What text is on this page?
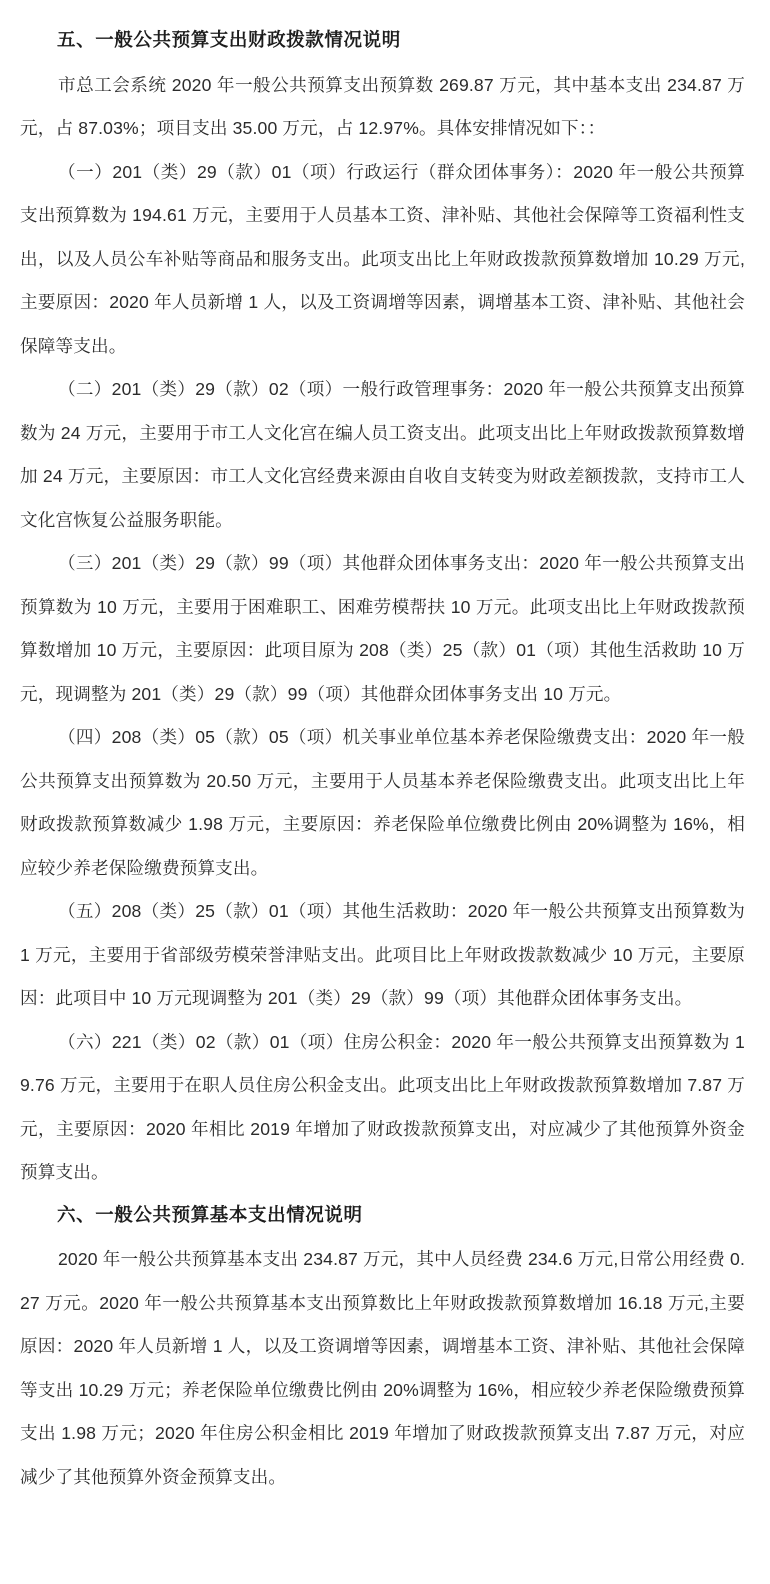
五、一般公共预算支出财政拨款情况说明

市总工会系统 2020 年一般公共预算支出预算数 269.87 万元，其中基本支出 234.87 万元，占 87.03%；项目支出 35.00 万元，占 12.97%。具体安排情况如下：：

（一）201（类）29（款）01（项）行政运行（群众团体事务）：2020 年一般公共预算支出预算数为 194.61 万元，主要用于人员基本工资、津补贴、其他社会保障等工资福利性支出，以及人员公车补贴等商品和服务支出。此项支出比上年财政拨款预算数增加 10.29 万元,主要原因：2020 年人员新增 1 人，以及工资调增等因素，调增基本工资、津补贴、其他社会保障等支出。

（二）201（类）29（款）02（项）一般行政管理事务：2020 年一般公共预算支出预算数为 24 万元，主要用于市工人文化宫在编人员工资支出。此项支出比上年财政拨款预算数增加 24 万元，主要原因：市工人文化宫经费来源由自收自支转变为财政差额拨款，支持市工人文化宫恢复公益服务职能。

（三）201（类）29（款）99（项）其他群众团体事务支出：2020 年一般公共预算支出预算数为 10 万元，主要用于困难职工、困难劳模帮扶 10 万元。此项支出比上年财政拨款预算数增加 10 万元，主要原因：此项目原为 208（类）25（款）01（项）其他生活救助 10 万元，现调整为 201（类）29（款）99（项）其他群众团体事务支出 10 万元。

（四）208（类）05（款）05（项）机关事业单位基本养老保险缴费支出：2020 年一般公共预算支出预算数为 20.50 万元，主要用于人员基本养老保险缴费支出。此项支出比上年财政拨款预算数减少 1.98 万元，主要原因：养老保险单位缴费比例由 20%调整为 16%，相应较少养老保险缴费预算支出。

（五）208（类）25（款）01（项）其他生活救助：2020 年一般公共预算支出预算数为 1 万元，主要用于省部级劳模荣誉津贴支出。此项目比上年财政拨款数减少 10 万元，主要原因：此项目中 10 万元现调整为 201（类）29（款）99（项）其他群众团体事务支出。

（六）221（类）02（款）01（项）住房公积金：2020 年一般公共预算支出预算数为 19.76 万元，主要用于在职人员住房公积金支出。此项支出比上年财政拨款预算数增加 7.87 万元，主要原因：2020 年相比 2019 年增加了财政拨款预算支出，对应减少了其他预算外资金预算支出。

六、一般公共预算基本支出情况说明

2020 年一般公共预算基本支出 234.87 万元，其中人员经费 234.6 万元,日常公用经费 0.27 万元。2020 年一般公共预算基本支出预算数比上年财政拨款预算数增加 16.18 万元,主要原因：2020 年人员新增 1 人，以及工资调增等因素，调增基本工资、津补贴、其他社会保障等支出 10.29 万元；养老保险单位缴费比例由 20%调整为 16%，相应较少养老保险缴费预算支出 1.98 万元；2020 年住房公积金相比 2019 年增加了财政拨款预算支出 7.87 万元，对应减少了其他预算外资金预算支出。
